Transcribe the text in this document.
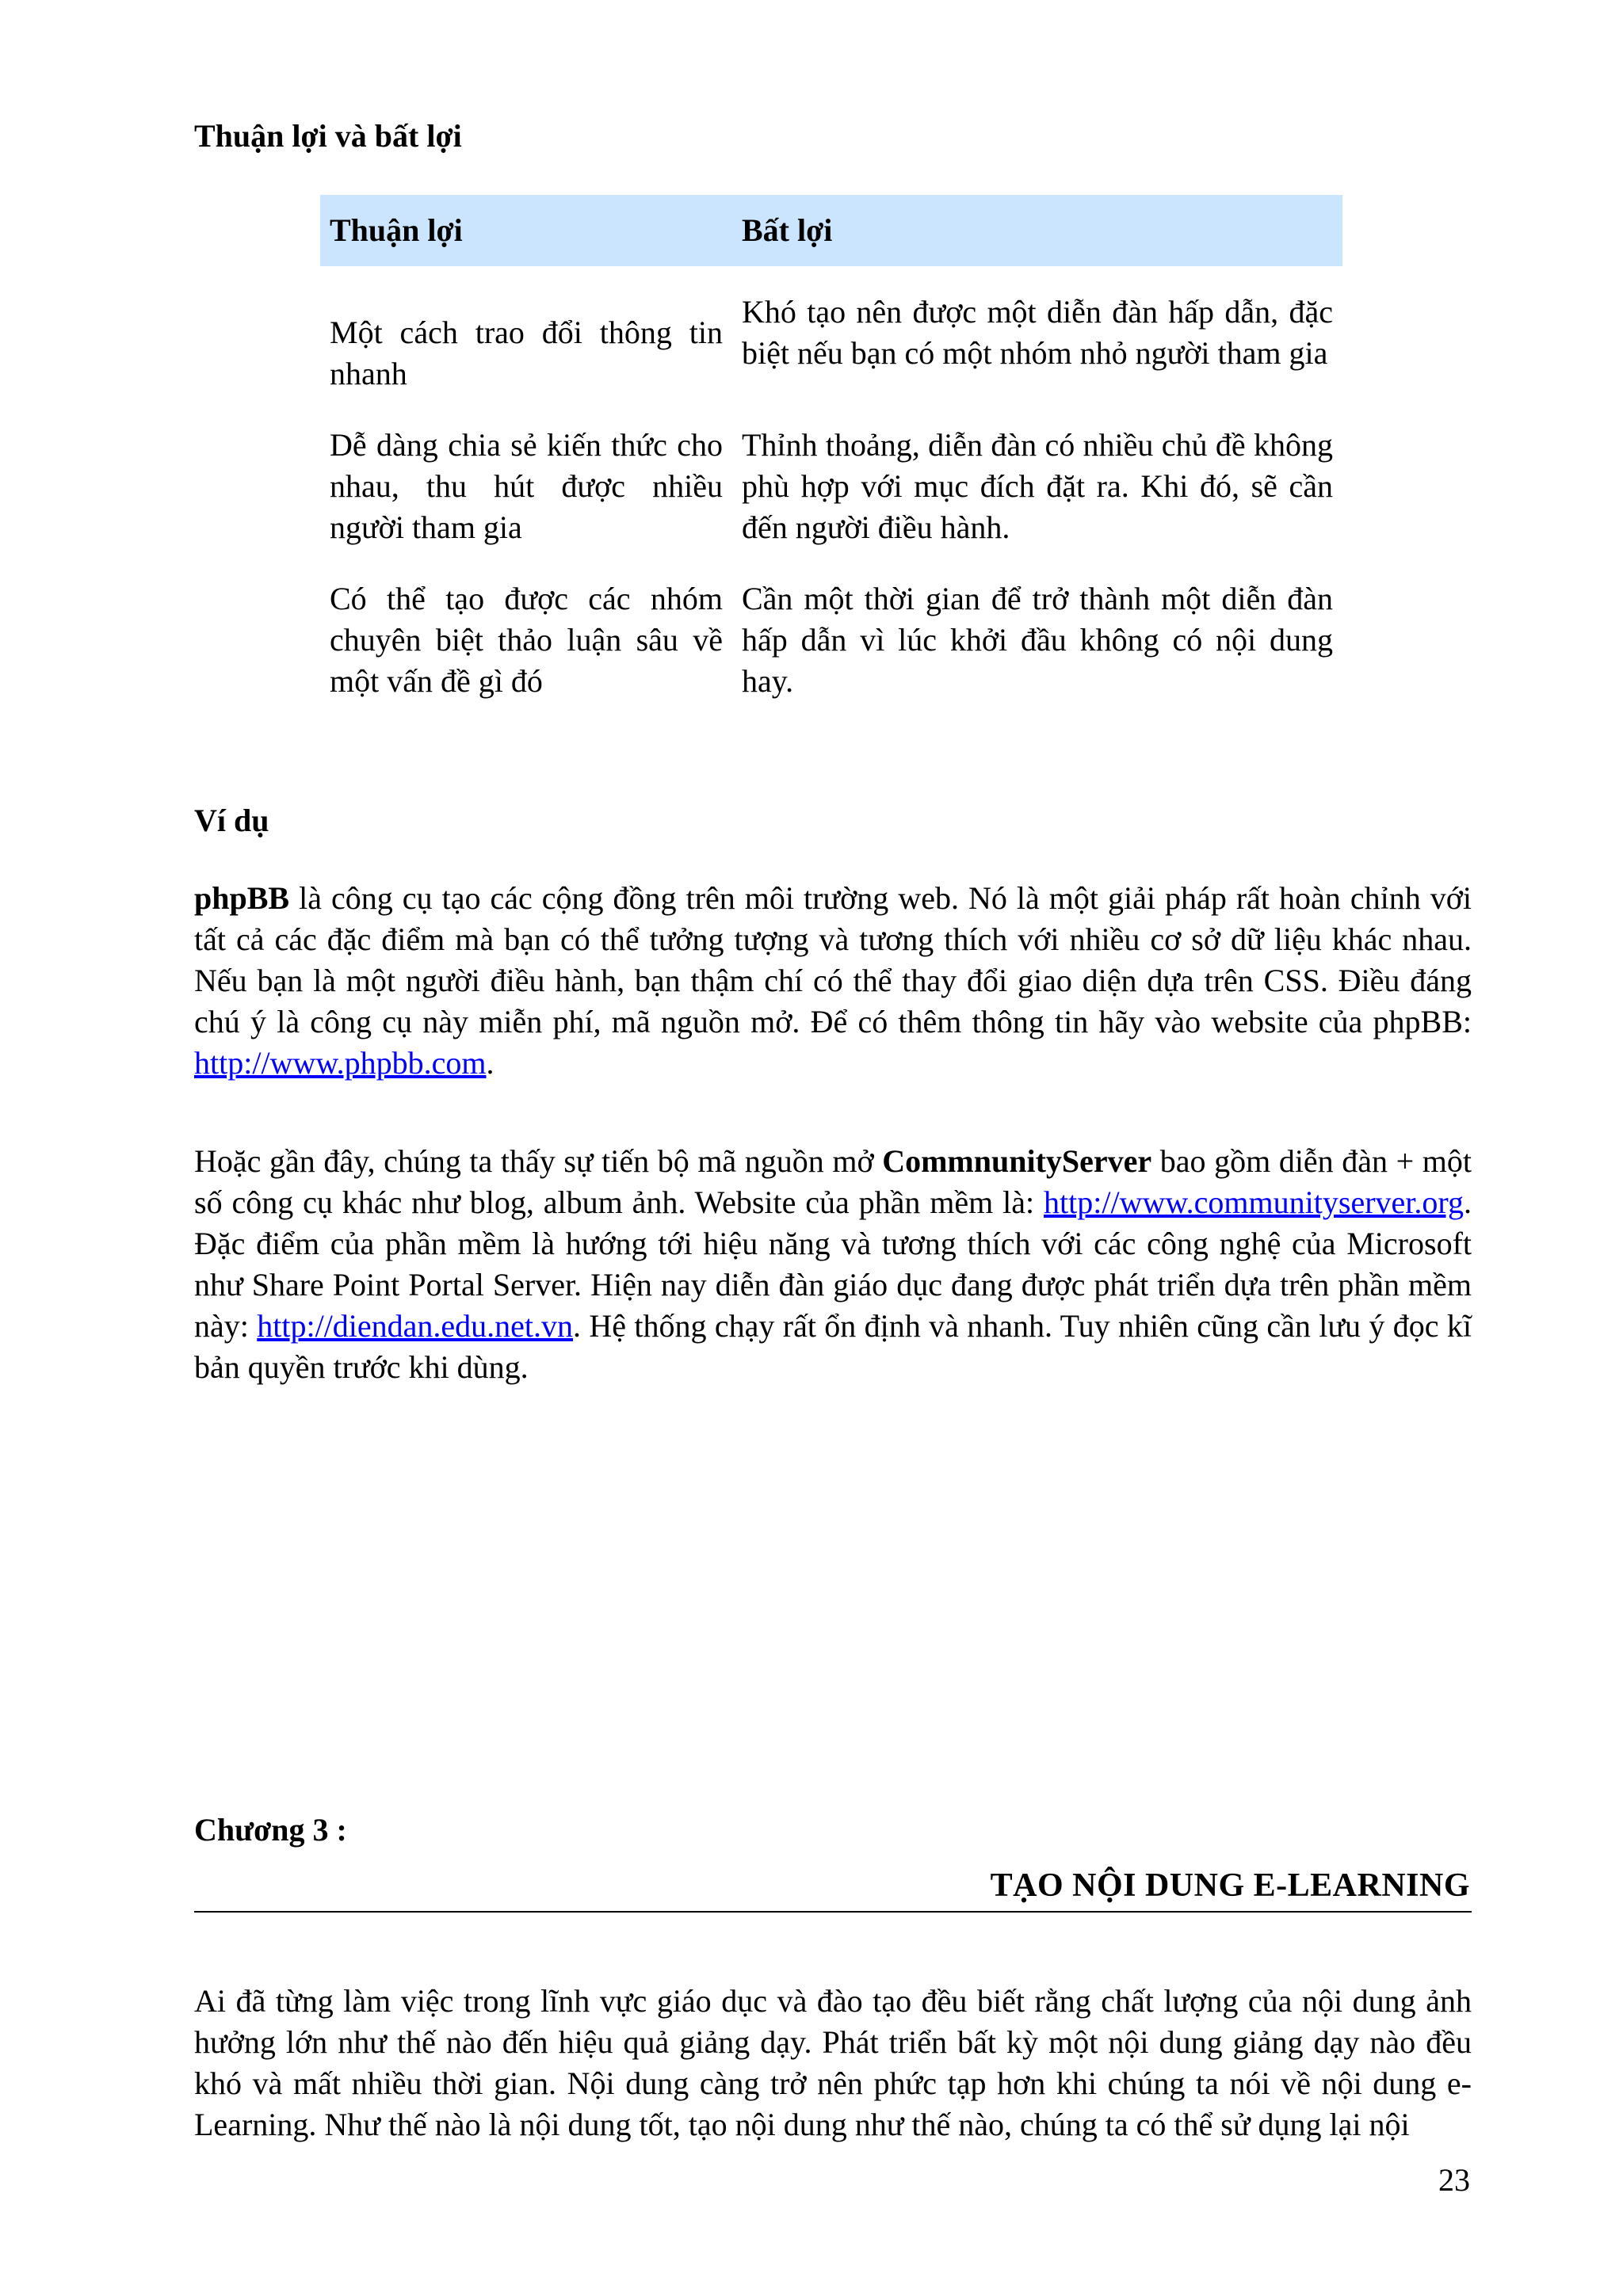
Thuận lợi và bất lợi
Thuận lợi	Bất lợi
Một cách trao đổi thông tin nhanh	Khó tạo nên được một diễn đàn hấp dẫn, đặc biệt nếu bạn có một nhóm nhỏ người tham gia
Dễ dàng chia sẻ kiến thức cho nhau, thu hút được nhiều người tham gia	Thỉnh thoảng, diễn đàn có nhiều chủ đề không phù hợp với mục đích đặt ra. Khi đó, sẽ cần đến người điều hành.
Có thể tạo được các nhóm chuyên biệt thảo luận sâu về một vấn đề gì đó	Cần một thời gian để trở thành một diễn đàn hấp dẫn vì lúc khởi đầu không có nội dung hay.
Ví dụ

phpBB là công cụ tạo các cộng đồng trên môi trường web. Nó là một giải pháp rất hoàn chỉnh với tất cả các đặc điểm mà bạn có thể tưởng tượng và tương thích với nhiều cơ sở dữ liệu khác nhau. Nếu bạn là một người điều hành, bạn thậm chí có thể thay đổi giao diện dựa trên CSS. Điều đáng chú ý là công cụ này miễn phí, mã nguồn mở. Để có thêm thông tin hãy vào website của phpBB: http://www.phpbb.com.

Hoặc gần đây, chúng ta thấy sự tiến bộ mã nguồn mở CommnunityServer bao gồm diễn đàn + một số công cụ khác như blog, album ảnh. Website của phần mềm là: http://www.communityserver.org. Đặc điểm của phần mềm là hướng tới hiệu năng và tương thích với các công nghệ của Microsoft như Share Point Portal Server. Hiện nay diễn đàn giáo dục đang được phát triển dựa trên phần mềm này: http://diendan.edu.net.vn. Hệ thống chạy rất ổn định và nhanh. Tuy nhiên cũng cần lưu ý đọc kĩ bản quyền trước khi dùng.

Chương 3 :
TẠO NỘI DUNG E-LEARNING

Ai đã từng làm việc trong lĩnh vực giáo dục và đào tạo đều biết rằng chất lượng của nội dung ảnh hưởng lớn như thế nào đến hiệu quả giảng dạy. Phát triển bất kỳ một nội dung giảng dạy nào đều khó và mất nhiều thời gian. Nội dung càng trở nên phức tạp hơn khi chúng ta nói về nội dung e-Learning. Như thế nào là nội dung tốt, tạo nội dung như thế nào, chúng ta có thể sử dụng lại nội

23
